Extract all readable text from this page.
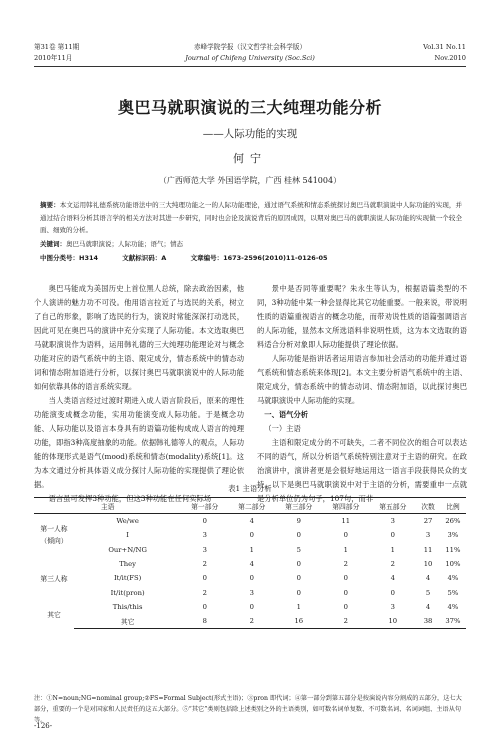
第31卷 第11期	赤峰学院学报（汉文哲学社会科学版）	Vol.31 No.11
2010年11月	Journal of Chifeng University (Soc.Sci)	Nov.2010
奥巴马就职演说的三大纯理功能分析
——人际功能的实现
何宁
（广西师范大学 外国语学院，广西 桂林 541004）
摘要：本文运用韩礼德系统功能语法中的三大纯理功能之一的人际功能理论，通过语气系统和情态系统探讨奥巴马就职演说中人际功能的实现，并通过结合语料分析其语言学的相关方法对其进一步研究，同时也会论及演说背后的原因成因，以期对奥巴马的就职演说人际功能的实现做一个较全面、细致的分析。
关键词：奥巴马就职演说；人际功能；语气；情态
中图分类号：H314	文献标识码：A	文章编号：1673-2596(2010)11-0126-05

奥巴马能成为美国历史上首位黑人总统，除去政治因素，他个人演讲的魅力功不可没。他用语言拉近了与选民的关系，树立了自己的形象，影响了选民的行为，演说时常能深深打动选民，因此可见在奥巴马的演讲中充分实现了人际功能。本文选取奥巴马就职演说作为语料，运用韩礼德的三大纯理功能理论对与概念功能对应的语气系统中的主语、限定成分，情态系统中的情态动词和情态附加语进行分析，以探讨奥巴马就职演说中的人际功能如何依靠具体的语言系统实现。

当人类语言经过过渡时期进入成人语言阶段后，原来的理性功能演变成概念功能，实用功能演变成人际功能。于是概念功能、人际功能以及语言本身具有的语篇功能构成成人语言的纯理功能，即指3种高度抽象的功能。依据韩礼德等人的观点，人际功能的体现形式是语气(mood)系统和情态(modality)系统[1]。这为本文通过分析具体语义成分探讨人际功能的实现提供了理论依据。

语言虽可发挥3种功能，但这3种功能在任何实际场

景中是否同等重要呢？朱永生等认为，根据语篇类型的不同，3种功能中某一种会显得比其它功能重要。一般来说，带说明性质的语篇重视语言的概念功能，而带劝说性质的语篇强调语言的人际功能，显然本文所选语料非说明性质，这为本文选取的语料适合分析对象即人际功能提供了理论依据。

人际功能是指讲话者运用语言参加社会活动的功能并通过语气系统和情态系统来体现[2]。本文主要分析语气系统中的主语、限定成分，情态系统中的情态动词、情态附加语，以此探讨奥巴马就职演说中人际功能的实现。

一、语气分析

（一）主语

主语和限定成分的不可缺失，二者不同位次的组合可以表达不同的语气，所以分析语气系统特别注意对于主语的研究。在政治演讲中，演讲者更是会很好地运用这一语言手段获得民众的支持。以下是奥巴马就职演说中对于主语的分析，需要重申一点就是分析单位仍为句子，107句，而非

表1 主语分析
主语		第一部分	第二部分	第三部分	第四部分	第五部分	次数	比例
第一人称（倾向）	We/we	0	4	9	11	3	27	26%
	I	3	0	0	0	0	3	3%
	Our+N/NG	3	1	5	1	1	11	11%
第三人称	They	2	4	0	2	2	10	10%
	It/it(FS)	0	0	0	0	4	4	4%
	It/it(pron)	2	3	0	0	0	5	5%
其它	This/this	0	0	1	0	3	4	4%
	其它	8	2	16	2	10	38	37%
注：①N=noun;NG=nominal group;②FS=Formal Subject(形式主语)；③pron 即代词；④第一部分到第五部分是按演说内容分割成的五部分，这七大部分，重要的一个是对国家和人民责任的这五大部分。⑤“其它”类则包括除上述类别之外的主语类别，如可数名词单复数、不可数名词、名词词组、主语从句等。
-126-
